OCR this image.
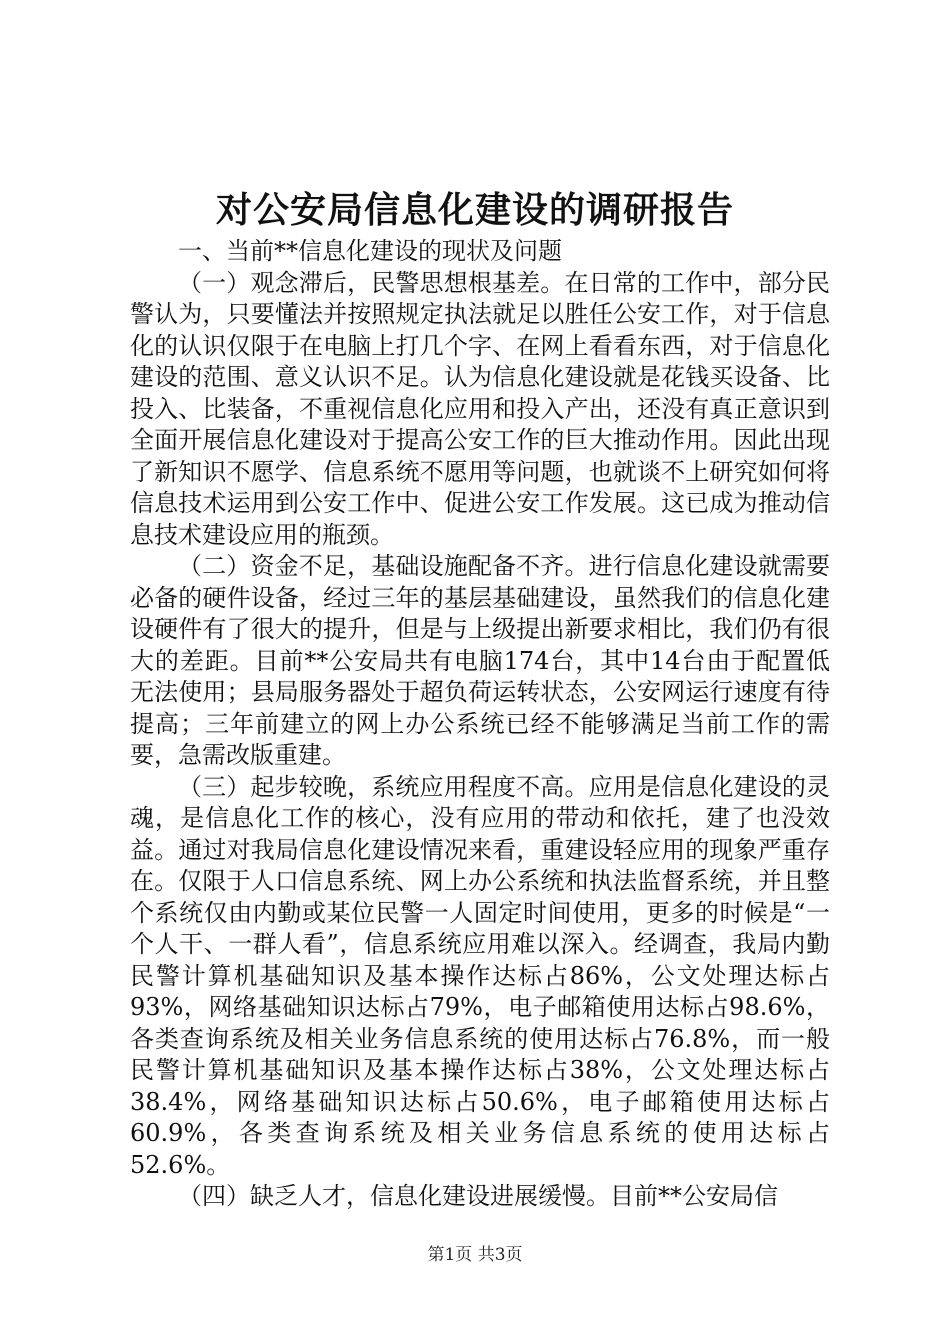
对公安局信息化建设的调研报告

一、当前**信息化建设的现状及问题

（一）观念滞后，民警思想根基差。在日常的工作中，部分民警认为，只要懂法并按照规定执法就足以胜任公安工作，对于信息化的认识仅限于在电脑上打几个字、在网上看看东西，对于信息化建设的范围、意义认识不足。认为信息化建设就是花钱买设备、比投入、比装备，不重视信息化应用和投入产出，还没有真正意识到全面开展信息化建设对于提高公安工作的巨大推动作用。因此出现了新知识不愿学、信息系统不愿用等问题，也就谈不上研究如何将信息技术运用到公安工作中、促进公安工作发展。这已成为推动信息技术建设应用的瓶颈。

（二）资金不足，基础设施配备不齐。进行信息化建设就需要必备的硬件设备，经过三年的基层基础建设，虽然我们的信息化建设硬件有了很大的提升，但是与上级提出新要求相比，我们仍有很大的差距。目前**公安局共有电脑174台，其中14台由于配置低无法使用；县局服务器处于超负荷运转状态，公安网运行速度有待提高；三年前建立的网上办公系统已经不能够满足当前工作的需要，急需改版重建。

（三）起步较晚，系统应用程度不高。应用是信息化建设的灵魂，是信息化工作的核心，没有应用的带动和依托，建了也没效益。通过对我局信息化建设情况来看，重建设轻应用的现象严重存在。仅限于人口信息系统、网上办公系统和执法监督系统，并且整个系统仅由内勤或某位民警一人固定时间使用，更多的时候是“一个人干、一群人看”，信息系统应用难以深入。经调查，我局内勤民警计算机基础知识及基本操作达标占86%，公文处理达标占93%，网络基础知识达标占79%，电子邮箱使用达标占98.6%，各类查询系统及相关业务信息系统的使用达标占76.8%，而一般民警计算机基础知识及基本操作达标占38%，公文处理达标占38.4%，网络基础知识达标占50.6%，电子邮箱使用达标占60.9%，各类查询系统及相关业务信息系统的使用达标占52.6%。

（四）缺乏人才，信息化建设进展缓慢。目前**公安局信

第1页 共3页
